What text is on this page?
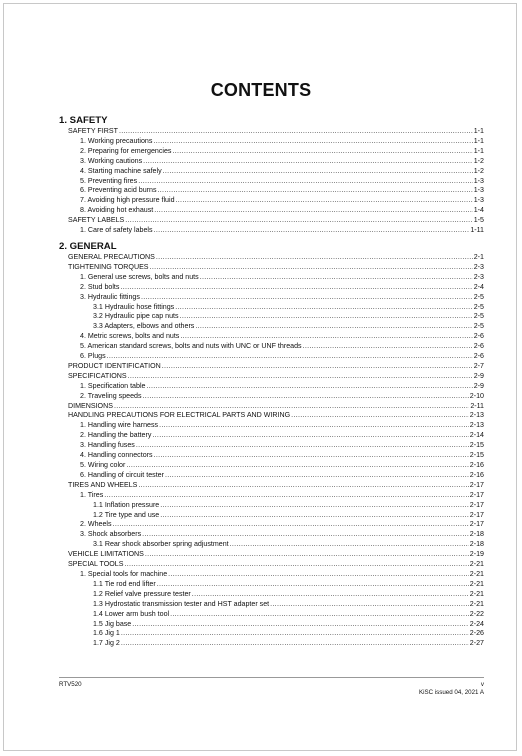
CONTENTS
1. SAFETY
SAFETY FIRST .....	1-1
1. Working precautions .....	1-1
2. Preparing for emergencies .....	1-1
3. Working cautions .....	1-2
4. Starting machine safely .....	1-2
5. Preventing fires .....	1-3
6. Preventing acid burns .....	1-3
7. Avoiding high pressure fluid .....	1-3
8. Avoiding hot exhaust .....	1-4
SAFETY LABELS .....	1-5
1. Care of safety labels .....	1-11
2. GENERAL
GENERAL PRECAUTIONS .....	2-1
TIGHTENING TORQUES .....	2-3
1. General use screws, bolts and nuts .....	2-3
2. Stud bolts .....	2-4
3. Hydraulic fittings .....	2-5
3.1 Hydraulic hose fittings .....	2-5
3.2 Hydraulic pipe cap nuts .....	2-5
3.3 Adapters, elbows and others .....	2-5
4. Metric screws, bolts and nuts .....	2-6
5. American standard screws, bolts and nuts with UNC or UNF threads .....	2-6
6. Plugs .....	2-6
PRODUCT IDENTIFICATION .....	2-7
SPECIFICATIONS .....	2-9
1. Specification table .....	2-9
2. Traveling speeds .....	2-10
DIMENSIONS .....	2-11
HANDLING PRECAUTIONS FOR ELECTRICAL PARTS AND WIRING .....	2-13
1. Handling wire harness .....	2-13
2. Handling the battery .....	2-14
3. Handling fuses .....	2-15
4. Handling connectors .....	2-15
5. Wiring color .....	2-16
6. Handling of circuit tester .....	2-16
TIRES AND WHEELS .....	2-17
1. Tires .....	2-17
1.1 Inflation pressure .....	2-17
1.2 Tire type and use .....	2-17
2. Wheels .....	2-17
3. Shock absorbers .....	2-18
3.1 Rear shock absorber spring adjustment .....	2-18
VEHICLE LIMITATIONS .....	2-19
SPECIAL TOOLS .....	2-21
1. Special tools for machine .....	2-21
1.1 Tie rod end lifter .....	2-21
1.2 Relief valve pressure tester .....	2-21
1.3 Hydrostatic transmission tester and HST adapter set .....	2-21
1.4 Lower arm bush tool .....	2-22
1.5 Jig base .....	2-24
1.6 Jig 1 .....	2-26
1.7 Jig 2 .....	2-27
RTV520	v
KiSC issued 04, 2021 A
